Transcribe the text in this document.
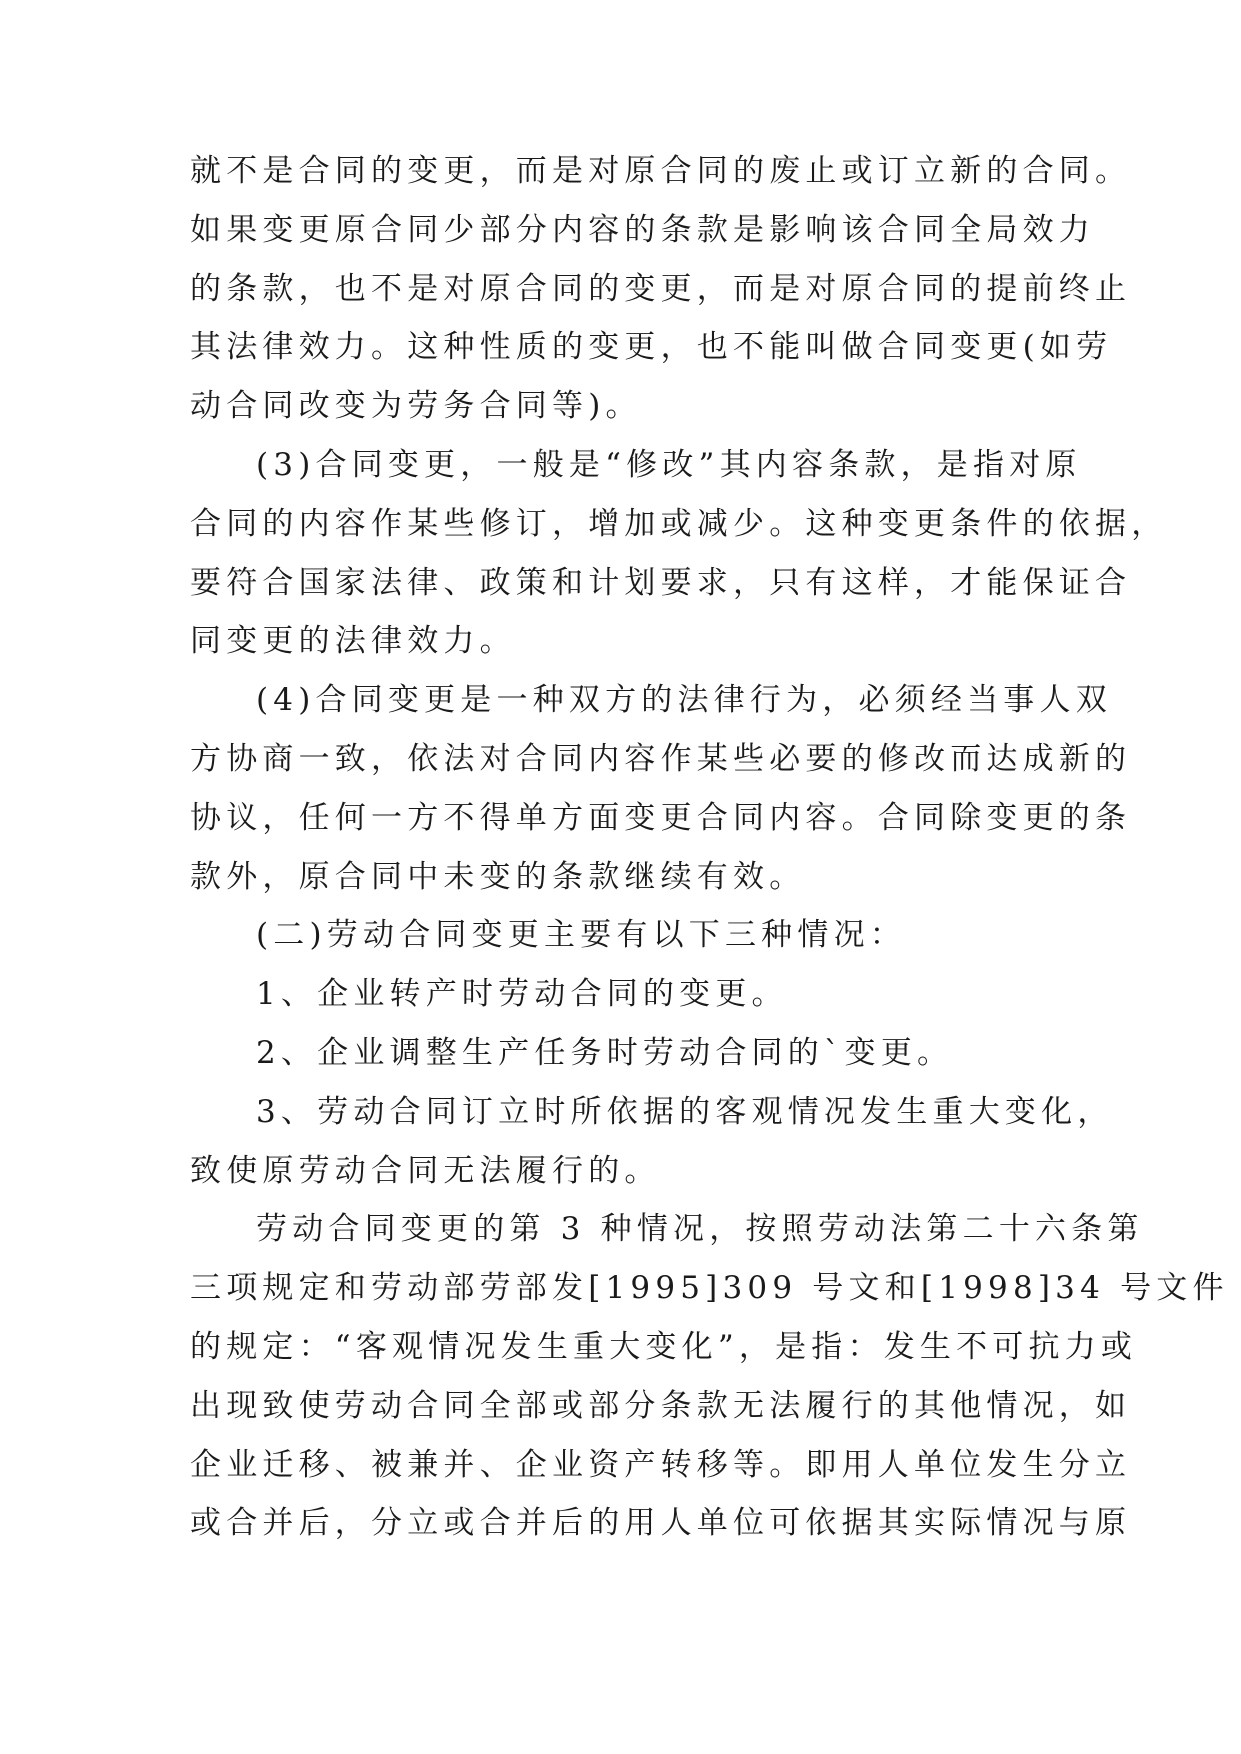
就不是合同的变更，而是对原合同的废止或订立新的合同。
如果变更原合同少部分内容的条款是影响该合同全局效力
的条款，也不是对原合同的变更，而是对原合同的提前终止
其法律效力。这种性质的变更，也不能叫做合同变更(如劳
动合同改变为劳务合同等)。
(3)合同变更，一般是“修改”其内容条款，是指对原
合同的内容作某些修订，增加或减少。这种变更条件的依据，
要符合国家法律、政策和计划要求，只有这样，才能保证合
同变更的法律效力。
(4)合同变更是一种双方的法律行为，必须经当事人双
方协商一致，依法对合同内容作某些必要的修改而达成新的
协议，任何一方不得单方面变更合同内容。合同除变更的条
款外，原合同中未变的条款继续有效。
(二)劳动合同变更主要有以下三种情况：
1、企业转产时劳动合同的变更。
2、企业调整生产任务时劳动合同的`变更。
3、劳动合同订立时所依据的客观情况发生重大变化，
致使原劳动合同无法履行的。
劳动合同变更的第 3 种情况，按照劳动法第二十六条第
三项规定和劳动部劳部发[1995]309 号文和[1998]34 号文件
的规定：“客观情况发生重大变化”，是指：发生不可抗力或
出现致使劳动合同全部或部分条款无法履行的其他情况，如
企业迁移、被兼并、企业资产转移等。即用人单位发生分立
或合并后，分立或合并后的用人单位可依据其实际情况与原
